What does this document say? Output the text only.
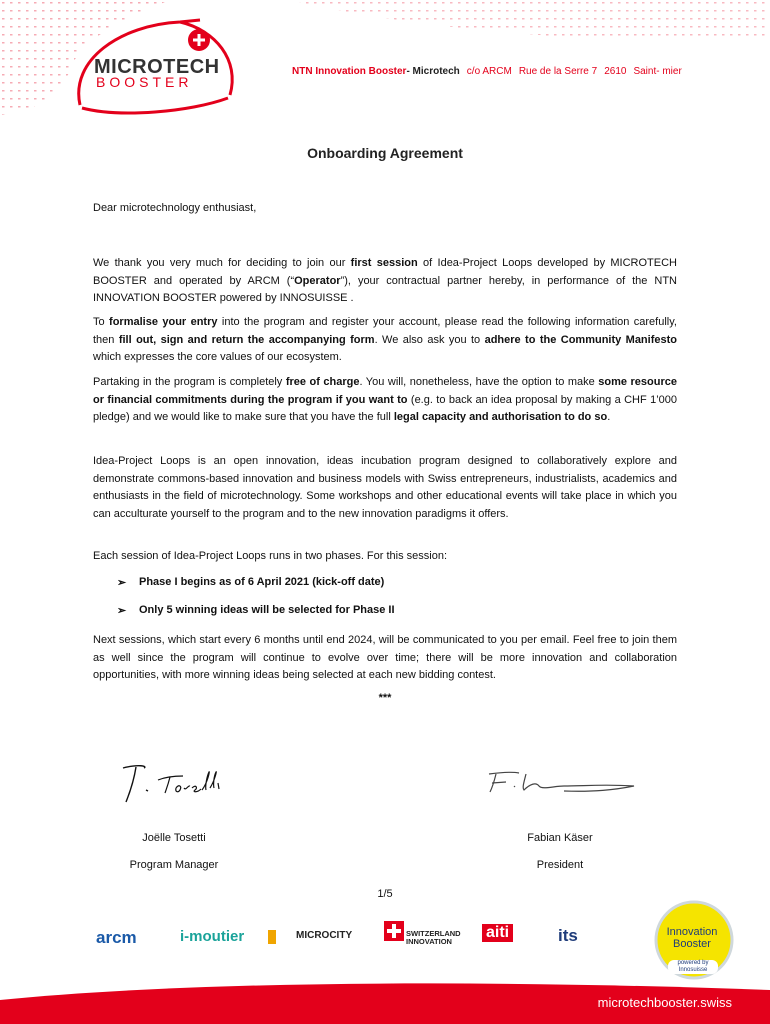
MICROTECH
BOOSTER
NTN Innovation Booster- Microtech c/o ARCM Rue de la Serre 7 2610 Saint- mier
Onboarding Agreement
Dear microtechnology enthusiast,
We thank you very much for deciding to join our first session of Idea-Project Loops developed by MICROTECH BOOSTER and operated by ARCM (“Operator”), your contractual partner hereby, in performance of the NTN INNOVATION BOOSTER powered by INNOSUISSE .
To formalise your entry into the program and register your account, please read the following information carefully, then fill out, sign and return the accompanying form. We also ask you to adhere to the Community Manifesto which expresses the core values of our ecosystem.
Partaking in the program is completely free of charge. You will, nonetheless, have the option to make some resource or financial commitments during the program if you want to (e.g. to back an idea proposal by making a CHF 1’000 pledge) and we would like to make sure that you have the full legal capacity and authorisation to do so.
Idea-Project Loops is an open innovation, ideas incubation program designed to collaboratively explore and demonstrate commons-based innovation and business models with Swiss entrepreneurs, industrialists, academics and enthusiasts in the field of microtechnology. Some workshops and other educational events will take place in which you can acculturate yourself to the program and to the new innovation paradigms it offers.
Each session of Idea-Project Loops runs in two phases. For this session:
➢ Phase I begins as of 6 April 2021 (kick-off date)
➢ Only 5 winning ideas will be selected for Phase II
Next sessions, which start every 6 months until end 2024, will be communicated to you per email. Feel free to join them as well since the program will continue to evolve over time; there will be more innovation and collaboration opportunities, with more winning ideas being selected at each new bidding contest.
***
Joëlle Tosetti
Program Manager
Fabian Käser
President
1/5
arcm	i-moutier	MICROCITY	SWITZERLAND INNOVATION
aiti	its
microtechbooster.swiss
Innovation
Booster
powered by Innosuisse
